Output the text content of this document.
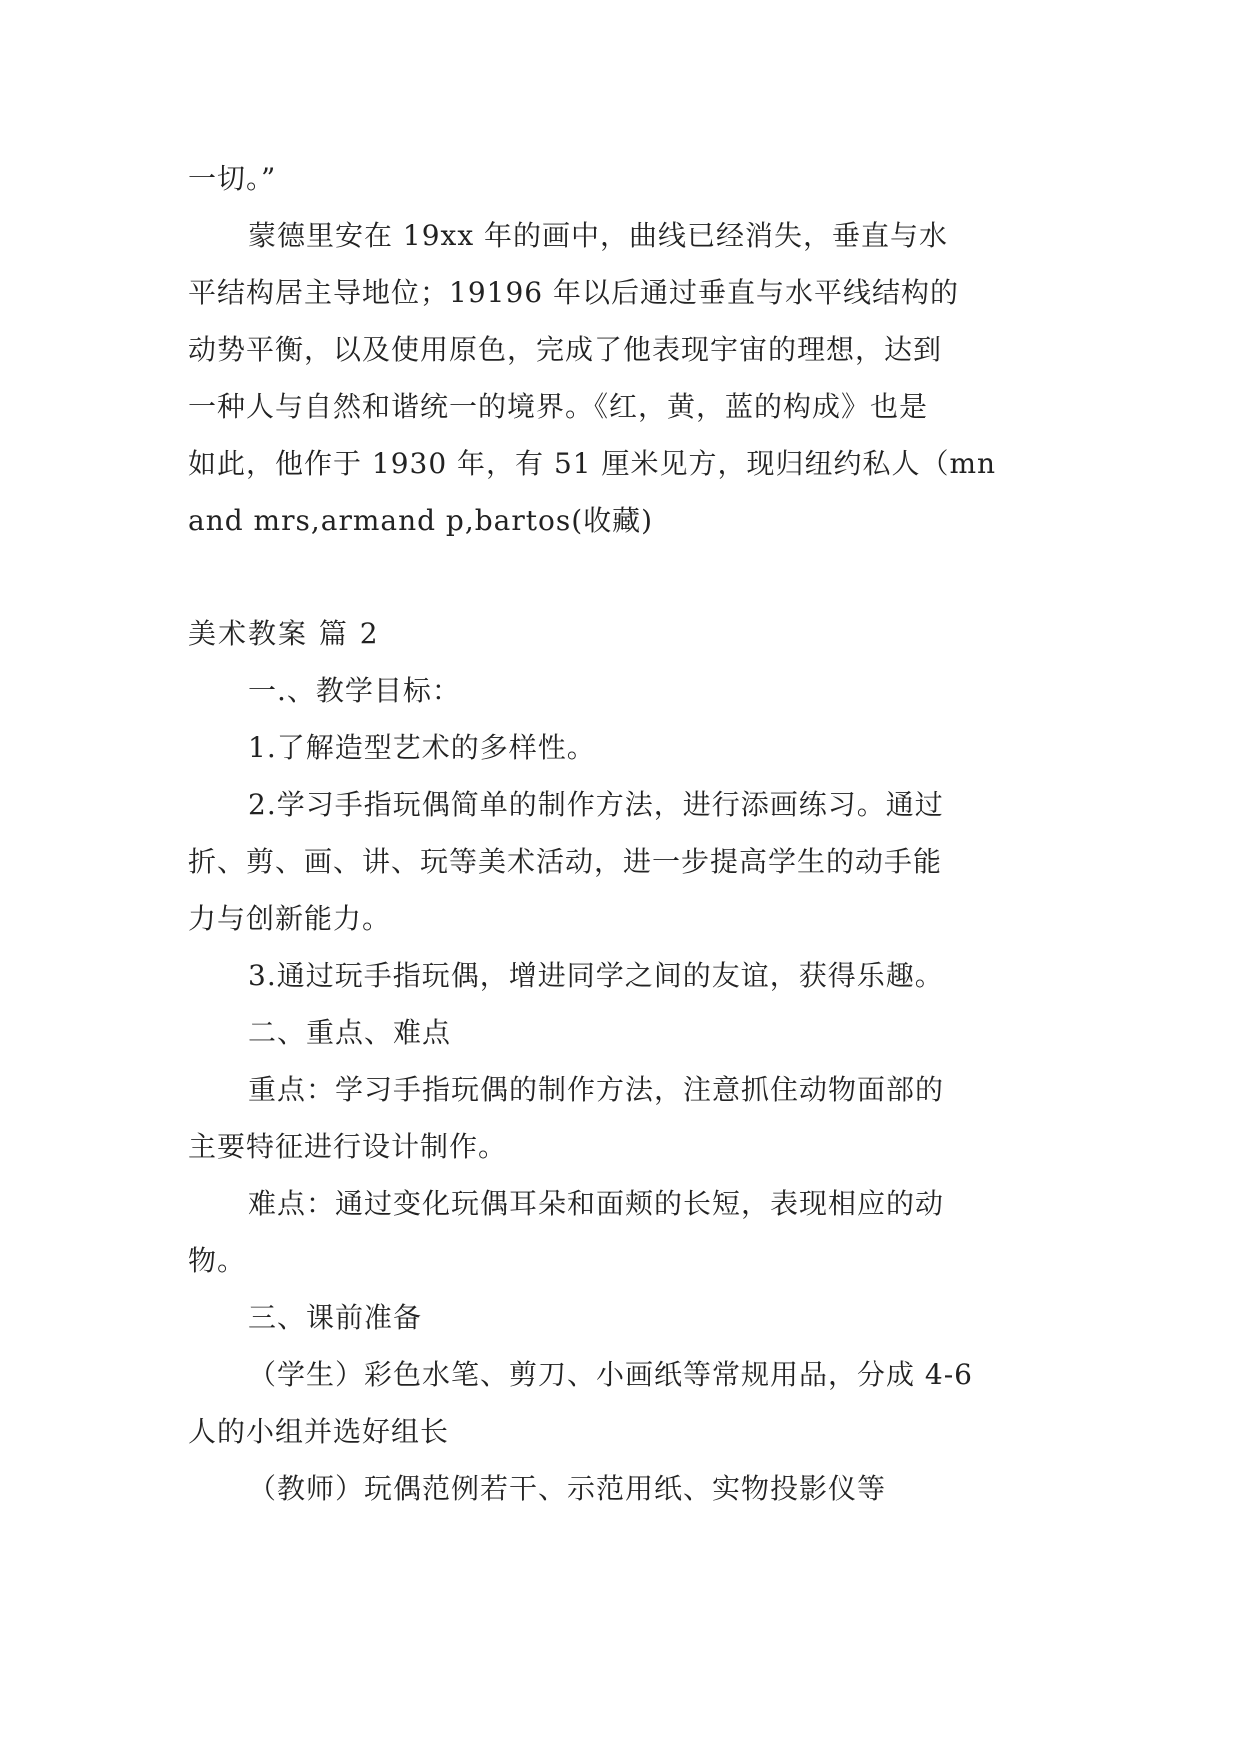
一切。”
蒙德里安在 19xx 年的画中，曲线已经消失，垂直与水
平结构居主导地位；19196 年以后通过垂直与水平线结构的
动势平衡，以及使用原色，完成了他表现宇宙的理想，达到
一种人与自然和谐统一的境界。《红，黄，蓝的构成》也是
如此，他作于 1930 年，有 51 厘米见方，现归纽约私人（mn
and mrs,armand p,bartos(收藏)
美术教案 篇 2
一.、教学目标：
1.了解造型艺术的多样性。
2.学习手指玩偶简单的制作方法，进行添画练习。通过
折、剪、画、讲、玩等美术活动，进一步提高学生的动手能
力与创新能力。
3.通过玩手指玩偶，增进同学之间的友谊，获得乐趣。
二、重点、难点
重点：学习手指玩偶的制作方法，注意抓住动物面部的
主要特征进行设计制作。
难点：通过变化玩偶耳朵和面颊的长短，表现相应的动
物。
三、课前准备
（学生）彩色水笔、剪刀、小画纸等常规用品，分成 4-6
人的小组并选好组长
（教师）玩偶范例若干、示范用纸、实物投影仪等
